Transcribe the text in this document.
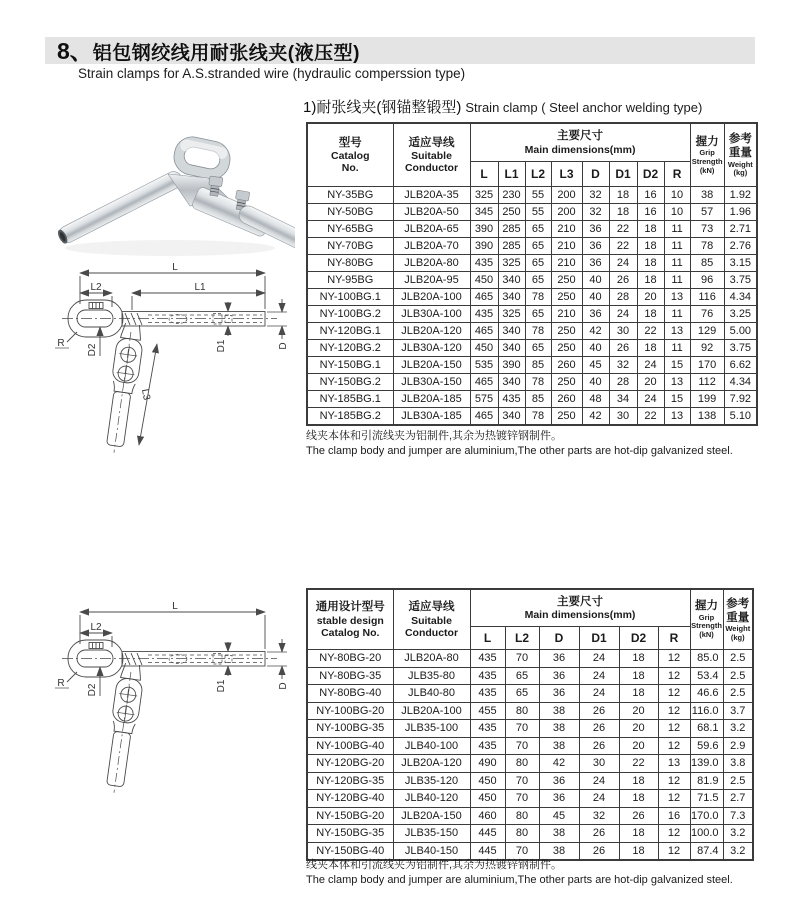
8、 铝包钢绞线用耐张线夹(液压型)
Strain clamps for A.S.stranded wire (hydraulic comperssion type)
1)耐张线夹(钢锚整锻型) Strain clamp ( Steel anchor welding type)
L
L2	L1
D
D1
D2
R
L3
L
L2
D
D1
D2
R
型号
Catalog
No.

适应导线
Suitable
Conductor

主要尺寸
Main dimensions(mm)

握力
Grip
Strength
(kN)

参考
重量
Weight
(kg)

		L	L1	L2	L3	D	D1	D2	R		
NY-35BG	JLB20A-35	325	230	55	200	32	18	16	10	38	1.92
NY-50BG	JLB20A-50	345	250	55	200	32	18	16	10	57	1.96
NY-65BG	JLB20A-65	390	285	65	210	36	22	18	11	73	2.71
NY-70BG	JLB20A-70	390	285	65	210	36	22	18	11	78	2.76
NY-80BG	JLB20A-80	435	325	65	210	36	24	18	11	85	3.15
NY-95BG	JLB20A-95	450	340	65	250	40	26	18	11	96	3.75
NY-100BG.1	JLB20A-100	465	340	78	250	40	28	20	13	116	4.34
NY-100BG.2	JLB30A-100	435	325	65	210	36	24	18	11	76	3.25
NY-120BG.1	JLB20A-120	465	340	78	250	42	30	22	13	129	5.00
NY-120BG.2	JLB30A-120	450	340	65	250	40	26	18	11	92	3.75
NY-150BG.1	JLB20A-150	535	390	85	260	45	32	24	15	170	6.62
NY-150BG.2	JLB30A-150	465	340	78	250	40	28	20	13	112	4.34
NY-185BG.1	JLB20A-185	575	435	85	260	48	34	24	15	199	7.92
NY-185BG.2	JLB30A-185	465	340	78	250	42	30	22	13	138	5.10
线夹本体和引流线夹为铝制件,其余为热镀锌钢制件。
The clamp body and jumper are aluminium,The other parts are hot-dip galvanized steel.
通用设计型号
stable design
Catalog No.

适应导线
Suitable
Conductor

主要尺寸
Main dimensions(mm)

握力
Grip
Strength
(kN)

参考
重量
Weight
(kg)

		L	L2	D	D1	D2	R		
NY-80BG-20	JLB20A-80	435	70	36	24	18	12	85.0	2.5
NY-80BG-35	JLB35-80	435	65	36	24	18	12	53.4	2.5
NY-80BG-40	JLB40-80	435	65	36	24	18	12	46.6	2.5
NY-100BG-20	JLB20A-100	455	80	38	26	20	12	116.0	3.7
NY-100BG-35	JLB35-100	435	70	38	26	20	12	68.1	3.2
NY-100BG-40	JLB40-100	435	70	38	26	20	12	59.6	2.9
NY-120BG-20	JLB20A-120	490	80	42	30	22	13	139.0	3.8
NY-120BG-35	JLB35-120	450	70	36	24	18	12	81.9	2.5
NY-120BG-40	JLB40-120	450	70	36	24	18	12	71.5	2.7
NY-150BG-20	JLB20A-150	460	80	45	32	26	16	170.0	7.3
NY-150BG-35	JLB35-150	445	80	38	26	18	12	100.0	3.2
NY-150BG-40	JLB40-150	445	70	38	26	18	12	87.4	3.2
线夹本体和引流线夹为铝制件,其余为热镀锌钢制件。
The clamp body and jumper are aluminium,The other parts are hot-dip galvanized steel.
